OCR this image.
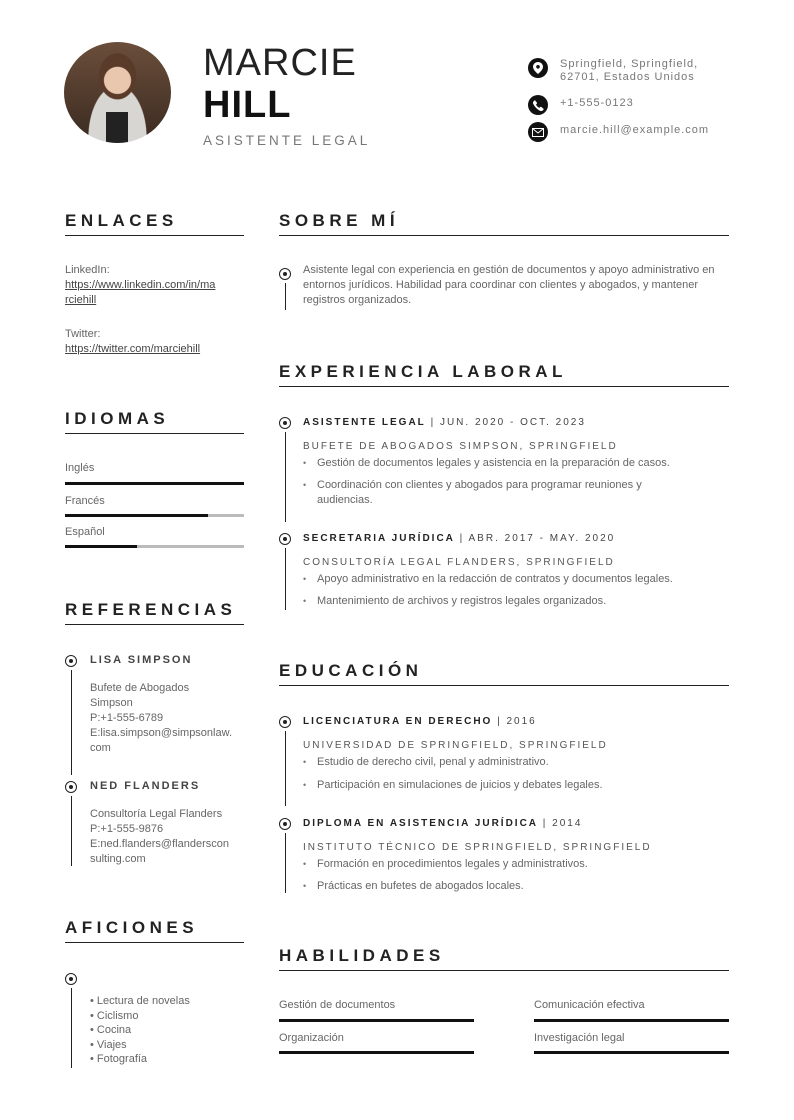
MARCIE
HILL
ASISTENTE LEGAL
Springfield, Springfield,
62701, Estados Unidos
+1-555-0123
marcie.hill@example.com
ENLACES
LinkedIn:
https://www.linkedin.com/in/ma
rciehill
Twitter:
https://twitter.com/marciehill
IDIOMAS
Inglés
Francés
Español
REFERENCIAS
LISA SIMPSON
Bufete de Abogados
Simpson
P:+1-555-6789
E:lisa.simpson@simpsonlaw.
com
NED FLANDERS
Consultoría Legal Flanders
P:+1-555-9876
E:ned.flanders@flanderscon
sulting.com
AFICIONES
• Lectura de novelas
• Ciclismo
• Cocina
• Viajes
• Fotografía
SOBRE MÍ
Asistente legal con experiencia en gestión de documentos y apoyo administrativo en entornos jurídicos. Habilidad para coordinar con clientes y abogados, y mantener registros organizados.
EXPERIENCIA LABORAL
ASISTENTE LEGAL | JUN. 2020 - OCT. 2023
BUFETE DE ABOGADOS SIMPSON, SPRINGFIELD
• Gestión de documentos legales y asistencia en la preparación de casos.
• Coordinación con clientes y abogados para programar reuniones y audiencias.
SECRETARIA JURÍDICA | ABR. 2017 - MAY. 2020
CONSULTORÍA LEGAL FLANDERS, SPRINGFIELD
• Apoyo administrativo en la redacción de contratos y documentos legales.
• Mantenimiento de archivos y registros legales organizados.
EDUCACIÓN
LICENCIATURA EN DERECHO | 2016
UNIVERSIDAD DE SPRINGFIELD, SPRINGFIELD
• Estudio de derecho civil, penal y administrativo.
• Participación en simulaciones de juicios y debates legales.
DIPLOMA EN ASISTENCIA JURÍDICA | 2014
INSTITUTO TÉCNICO DE SPRINGFIELD, SPRINGFIELD
• Formación en procedimientos legales y administrativos.
• Prácticas en bufetes de abogados locales.
HABILIDADES
Gestión de documentos	Comunicación efectiva
Organización	Investigación legal
